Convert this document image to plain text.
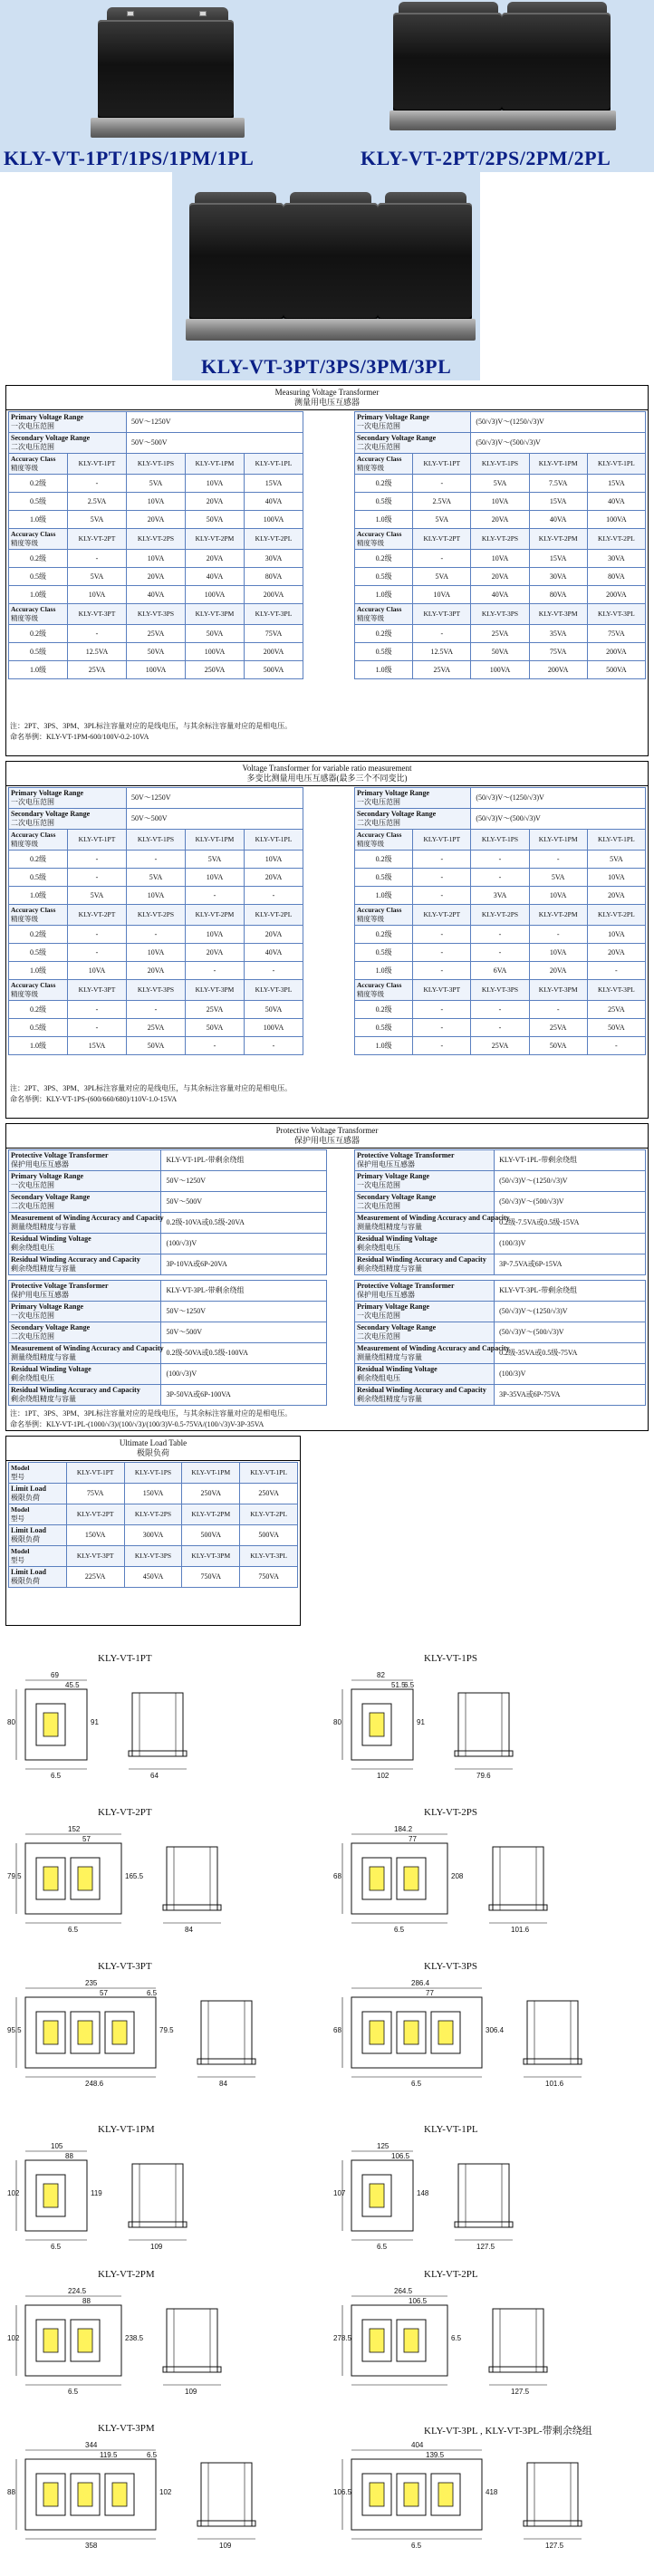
KLY-VT-1PT/1PS/1PM/1PL	KLY-VT-2PT/2PS/2PM/2PL
KLY-VT-3PT/3PS/3PM/3PL
Measuring Voltage Transformer
测量用电压互感器
Primary Voltage Range
一次电压范围		50V～1250V		

Secondary Voltage Range
二次电压范围		50V～500V		

Accuracy Class
精度等级	KLY-VT-1PT	KLY-VT-1PS	KLY-VT-1PM	KLY-VT-1PL
0.2级	-	5VA	10VA	15VA
0.5级	2.5VA	10VA	20VA	40VA
1.0级	5VA	20VA	50VA	100VA

Accuracy Class
精度等级	KLY-VT-2PT	KLY-VT-2PS	KLY-VT-2PM	KLY-VT-2PL
0.2级	-	10VA	20VA	30VA
0.5级	5VA	20VA	40VA	80VA
1.0级	10VA	40VA	100VA	200VA

Accuracy Class
精度等级	KLY-VT-3PT	KLY-VT-3PS	KLY-VT-3PM	KLY-VT-3PL
0.2级	-	25VA	50VA	75VA
0.5级	12.5VA	50VA	100VA	200VA
1.0级	25VA	100VA	250VA	500VA
Primary Voltage Range
一次电压范围		(50/√3)V～(1250/√3)V		

Secondary Voltage Range
二次电压范围		(50/√3)V～(500/√3)V		

Accuracy Class
精度等级	KLY-VT-1PT	KLY-VT-1PS	KLY-VT-1PM	KLY-VT-1PL
0.2级	-	5VA	7.5VA	15VA
0.5级	2.5VA	10VA	15VA	40VA
1.0级	5VA	20VA	40VA	100VA

Accuracy Class
精度等级	KLY-VT-2PT	KLY-VT-2PS	KLY-VT-2PM	KLY-VT-2PL
0.2级	-	10VA	15VA	30VA
0.5级	5VA	20VA	30VA	80VA
1.0级	10VA	40VA	80VA	200VA

Accuracy Class
精度等级	KLY-VT-3PT	KLY-VT-3PS	KLY-VT-3PM	KLY-VT-3PL
0.2级	-	25VA	35VA	75VA
0.5级	12.5VA	50VA	75VA	200VA
1.0级	25VA	100VA	200VA	500VA
注：2PT、3PS、3PM、3PL标注容量对应的是线电压，与其余标注容量对应的是相电压。
命名举例：KLY-VT-1PM-600/100V-0.2-10VA
Voltage Transformer for variable ratio measurement
多变比测量用电压互感器(最多三个不同变比)
Primary Voltage Range
一次电压范围		50V～1250V		

Secondary Voltage Range
二次电压范围		50V～500V		

Accuracy Class
精度等级	KLY-VT-1PT	KLY-VT-1PS	KLY-VT-1PM	KLY-VT-1PL
0.2级	-	-	5VA	10VA
0.5级	-	5VA	10VA	20VA
1.0级	5VA	10VA	-	-

Accuracy Class
精度等级	KLY-VT-2PT	KLY-VT-2PS	KLY-VT-2PM	KLY-VT-2PL
0.2级	-	-	10VA	20VA
0.5级	-	10VA	20VA	40VA
1.0级	10VA	20VA	-	-

Accuracy Class
精度等级	KLY-VT-3PT	KLY-VT-3PS	KLY-VT-3PM	KLY-VT-3PL
0.2级	-	-	25VA	50VA
0.5级	-	25VA	50VA	100VA
1.0级	15VA	50VA	-	-
Primary Voltage Range
一次电压范围		(50/√3)V～(1250/√3)V		

Secondary Voltage Range
二次电压范围		(50/√3)V～(500/√3)V		

Accuracy Class
精度等级	KLY-VT-1PT	KLY-VT-1PS	KLY-VT-1PM	KLY-VT-1PL
0.2级	-	-	-	5VA
0.5级	-	-	5VA	10VA
1.0级	-	3VA	10VA	20VA

Accuracy Class
精度等级	KLY-VT-2PT	KLY-VT-2PS	KLY-VT-2PM	KLY-VT-2PL
0.2级	-	-	-	10VA
0.5级	-	-	10VA	20VA
1.0级	-	6VA	20VA	-

Accuracy Class
精度等级	KLY-VT-3PT	KLY-VT-3PS	KLY-VT-3PM	KLY-VT-3PL
0.2级	-	-	-	25VA
0.5级	-	-	25VA	50VA
1.0级	-	25VA	50VA	-
注：2PT、3PS、3PM、3PL标注容量对应的是线电压，与其余标注容量对应的是相电压。
命名举例：KLY-VT-1PS-(600/660/680)/110V-1.0-15VA
Protective Voltage Transformer
保护用电压互感器
Protective Voltage Transformer
保护用电压互感器	KLY-VT-1PL-带剩余绕组

Primary Voltage Range
一次电压范围	50V～1250V

Secondary Voltage Range
二次电压范围	50V～500V

Measurement of Winding Accuracy and Capacity
测量绕组精度与容量	0.2级-10VA或0.5级-20VA

Residual Winding Voltage
剩余绕组电压	(100/√3)V

Residual Winding Accuracy and Capacity
剩余绕组精度与容量	3P-10VA或6P-20VA
Protective Voltage Transformer
保护用电压互感器	KLY-VT-1PL-带剩余绕组

Primary Voltage Range
一次电压范围	(50/√3)V～(1250/√3)V

Secondary Voltage Range
二次电压范围	(50/√3)V～(500/√3)V

Measurement of Winding Accuracy and Capacity
测量绕组精度与容量	0.2级-7.5VA或0.5级-15VA

Residual Winding Voltage
剩余绕组电压	(100/3)V

Residual Winding Accuracy and Capacity
剩余绕组精度与容量	3P-7.5VA或6P-15VA
Protective Voltage Transformer
保护用电压互感器	KLY-VT-3PL-带剩余绕组

Primary Voltage Range
一次电压范围	50V～1250V

Secondary Voltage Range
二次电压范围	50V～500V

Measurement of Winding Accuracy and Capacity
测量绕组精度与容量	0.2级-50VA或0.5级-100VA

Residual Winding Voltage
剩余绕组电压	(100/√3)V

Residual Winding Accuracy and Capacity
剩余绕组精度与容量	3P-50VA或6P-100VA
Protective Voltage Transformer
保护用电压互感器	KLY-VT-3PL-带剩余绕组

Primary Voltage Range
一次电压范围	(50/√3)V～(1250/√3)V

Secondary Voltage Range
二次电压范围	(50/√3)V～(500/√3)V

Measurement of Winding Accuracy and Capacity
测量绕组精度与容量	0.2级-35VA或0.5级-75VA

Residual Winding Voltage
剩余绕组电压	(100/3)V

Residual Winding Accuracy and Capacity
剩余绕组精度与容量	3P-35VA或6P-75VA
注：1PT、3PS、3PM、3PL标注容量对应的是线电压，与其余标注容量对应的是相电压。
命名举例：KLY-VT-1PL-(1000/√3)/(100/√3)/(100/3)V-0.5-75VA/(100/√3)V-3P-35VA
Ultimate Load Table
极限负荷
Model
型号	KLY-VT-1PT	KLY-VT-1PS	KLY-VT-1PM	KLY-VT-1PL

Limit Load
极限负荷	75VA	150VA	250VA	250VA

Model
型号	KLY-VT-2PT	KLY-VT-2PS	KLY-VT-2PM	KLY-VT-2PL

Limit Load
极限负荷	150VA	300VA	500VA	500VA

Model
型号	KLY-VT-3PT	KLY-VT-3PS	KLY-VT-3PM	KLY-VT-3PL

Limit Load
极限负荷	225VA	450VA	750VA	750VA
KLY-VT-1PT
69
45.5
80	91
6.5	64
KLY-VT-1PS
82
51.5
80	91
102
6.5
79.6
KLY-VT-2PT
152
57
79.5	165.5
6.5	84
KLY-VT-2PS
184.2
77
68	208
6.5	101.6
KLY-VT-3PT
235
57
95.5	79.5
248.6
6.5
84
KLY-VT-3PS
286.4
77
68	306.4
6.5	101.6
KLY-VT-1PM
105
88
102	119
6.5	109
KLY-VT-1PL
125
106.5
107	148
6.5	127.5
KLY-VT-2PM
224.5
88
102	238.5
6.5	109
KLY-VT-2PL
264.5
106.5
278.5	6.5
127.5
KLY-VT-3PM
344
119.5
88	102
358
6.5
109
KLY-VT-3PL , KLY-VT-3PL-带剩余绕组
404
139.5
106.5	418
6.5	127.5
